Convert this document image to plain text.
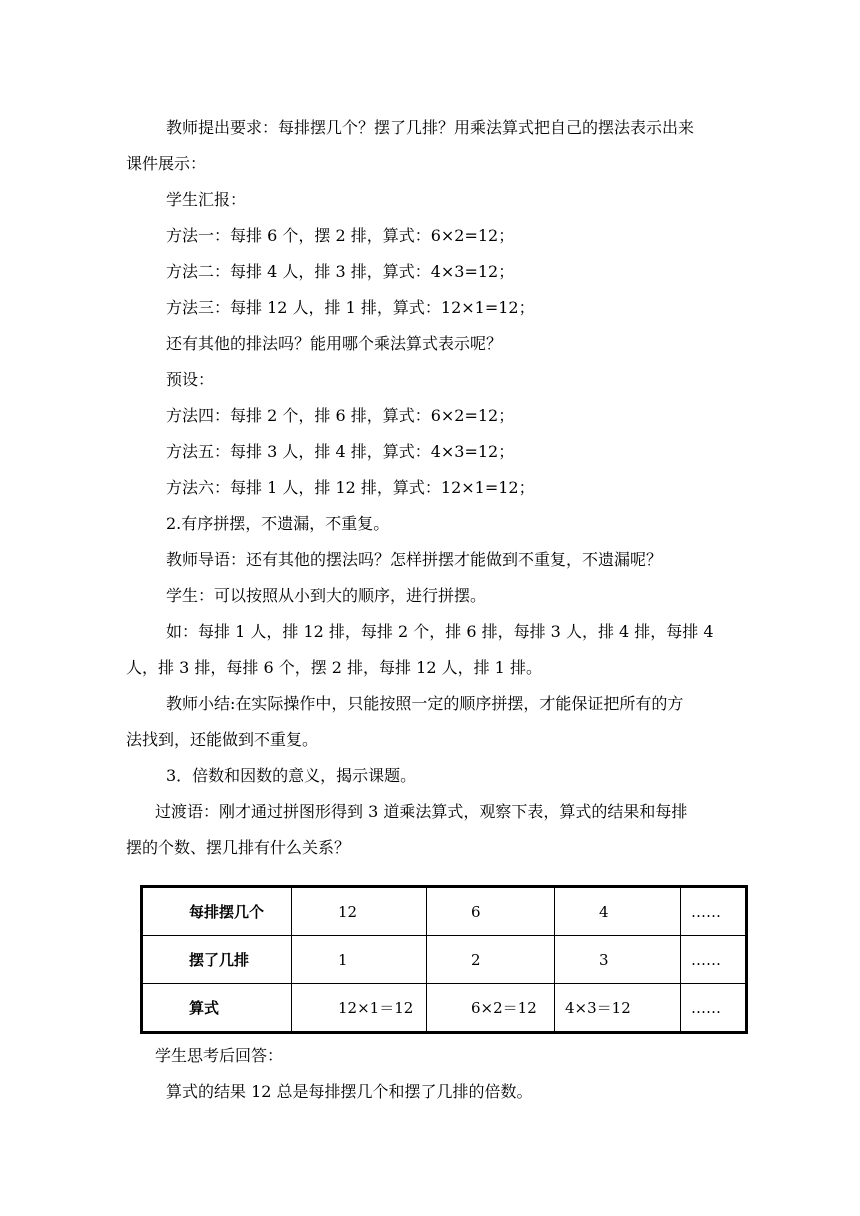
教师提出要求：每排摆几个？摆了几排？用乘法算式把自己的摆法表示出来
课件展示：
学生汇报：
方法一：每排 6 个，摆 2 排，算式：6×2=12；
方法二：每排 4 人，排 3 排，算式：4×3=12；
方法三：每排 12 人，排 1 排，算式：12×1=12；
还有其他的排法吗？能用哪个乘法算式表示呢？
预设：
方法四：每排 2 个，排 6 排，算式：6×2=12；
方法五：每排 3 人，排 4 排，算式：4×3=12；
方法六：每排 1 人，排 12 排，算式：12×1=12；
2.有序拼摆，不遗漏，不重复。
教师导语：还有其他的摆法吗？怎样拼摆才能做到不重复，不遗漏呢？
学生：可以按照从小到大的顺序，进行拼摆。
如：每排 1 人，排 12 排，每排 2 个，排 6 排，每排 3 人，排 4 排，每排 4
人，排 3 排，每排 6 个，摆 2 排，每排 12 人，排 1 排。
教师小结:在实际操作中，只能按照一定的顺序拼摆，才能保证把所有的方
法找到，还能做到不重复。
3．倍数和因数的意义，揭示课题。
过渡语：刚才通过拼图形得到 3 道乘法算式，观察下表，算式的结果和每排
摆的个数、摆几排有什么关系？
每排摆几个	12	6	4	……
摆了几排	1	2	3	……
算式	12×1＝12	6×2＝12	4×3＝12	……
学生思考后回答：
算式的结果 12 总是每排摆几个和摆了几排的倍数。
